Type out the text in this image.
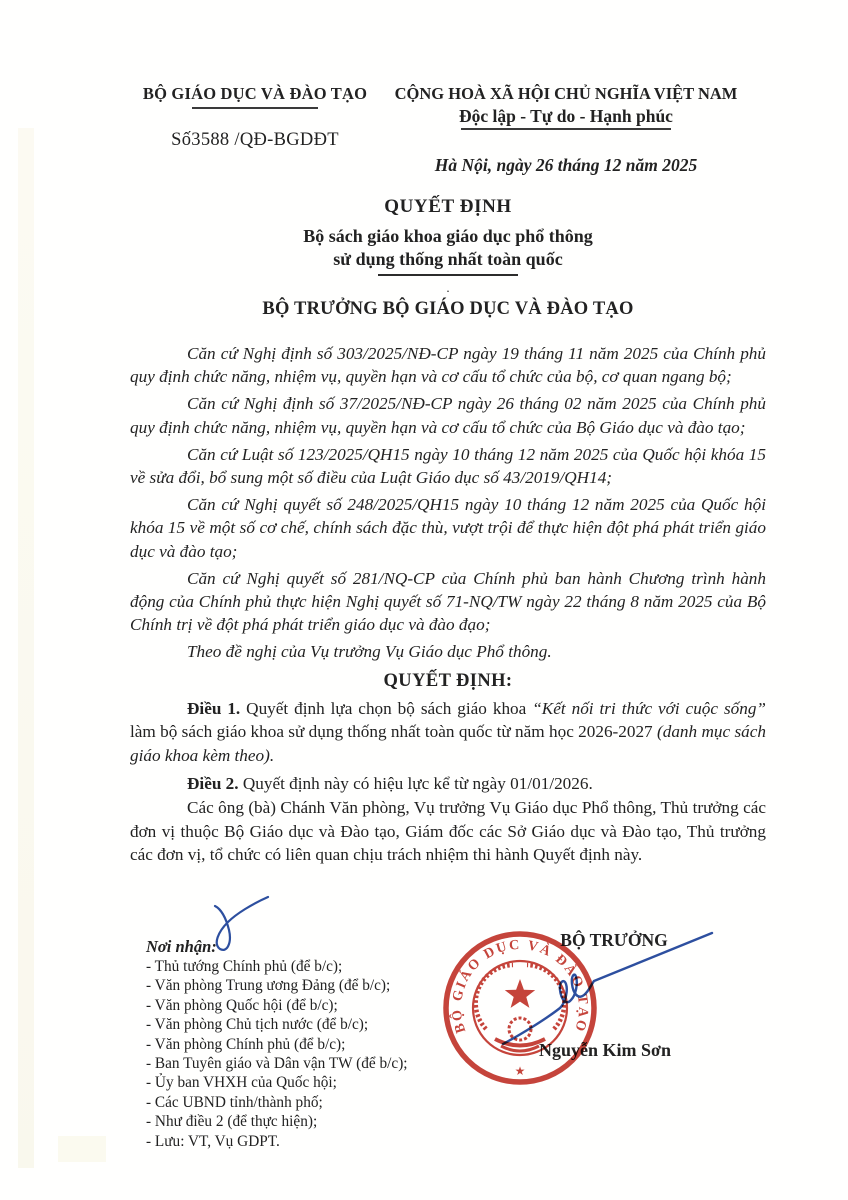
BỘ GIÁO DỤC VÀ ĐÀO TẠO
Số3588 /QĐ-BGDĐT
CỘNG HOÀ XÃ HỘI CHỦ NGHĨA VIỆT NAM
Độc lập - Tự do - Hạnh phúc
Hà Nội, ngày 26 tháng 12 năm 2025
QUYẾT ĐỊNH
Bộ sách giáo khoa giáo dục phổ thông
sử dụng thống nhất toàn quốc
.
BỘ TRƯỞNG BỘ GIÁO DỤC VÀ ĐÀO TẠO

Căn cứ Nghị định số 303/2025/NĐ-CP ngày 19 tháng 11 năm 2025 của Chính phủ quy định chức năng, nhiệm vụ, quyền hạn và cơ cấu tổ chức của bộ, cơ quan ngang bộ;

Căn cứ Nghị định số 37/2025/NĐ-CP ngày 26 tháng 02 năm 2025 của Chính phủ quy định chức năng, nhiệm vụ, quyền hạn và cơ cấu tổ chức của Bộ Giáo dục và đào tạo;

Căn cứ Luật số 123/2025/QH15 ngày 10 tháng 12 năm 2025 của Quốc hội khóa 15 về sửa đổi, bổ sung một số điều của Luật Giáo dục số 43/2019/QH14;

Căn cứ Nghị quyết số 248/2025/QH15 ngày 10 tháng 12 năm 2025 của Quốc hội khóa 15 về một số cơ chế, chính sách đặc thù, vượt trội để thực hiện đột phá phát triển giáo dục và đào tạo;

Căn cứ Nghị quyết số 281/NQ-CP của Chính phủ ban hành Chương trình hành động của Chính phủ thực hiện Nghị quyết số 71-NQ/TW ngày 22 tháng 8 năm 2025 của Bộ Chính trị về đột phá phát triển giáo dục và đào đạo;

Theo đề nghị của Vụ trưởng Vụ Giáo dục Phổ thông.

QUYẾT ĐỊNH:

Điều 1. Quyết định lựa chọn bộ sách giáo khoa “Kết nối tri thức với cuộc sống” làm bộ sách giáo khoa sử dụng thống nhất toàn quốc từ năm học 2026-2027 (danh mục sách giáo khoa kèm theo).

Điều 2. Quyết định này có hiệu lực kể từ ngày 01/01/2026.

Các ông (bà) Chánh Văn phòng, Vụ trưởng Vụ Giáo dục Phổ thông, Thủ trưởng các đơn vị thuộc Bộ Giáo dục và Đào tạo, Giám đốc các Sở Giáo dục và Đào tạo, Thủ trưởng các đơn vị, tổ chức có liên quan chịu trách nhiệm thi hành Quyết định này.

Nơi nhận:
- Thủ tướng Chính phủ (để b/c);
- Văn phòng Trung ương Đảng (để b/c);
- Văn phòng Quốc hội (để b/c);
- Văn phòng Chủ tịch nước (để b/c);
- Văn phòng Chính phủ (để b/c);
- Ban Tuyên giáo và Dân vận TW (để b/c);
- Ủy ban VHXH của Quốc hội;
- Các UBND tỉnh/thành phố;
- Như điều 2 (để thực hiện);
- Lưu: VT, Vụ GDPT.
BỘ TRƯỞNG
Nguyễn Kim Sơn
BỘ GIÁO DỤC VÀ ĐÀO TẠO
★
